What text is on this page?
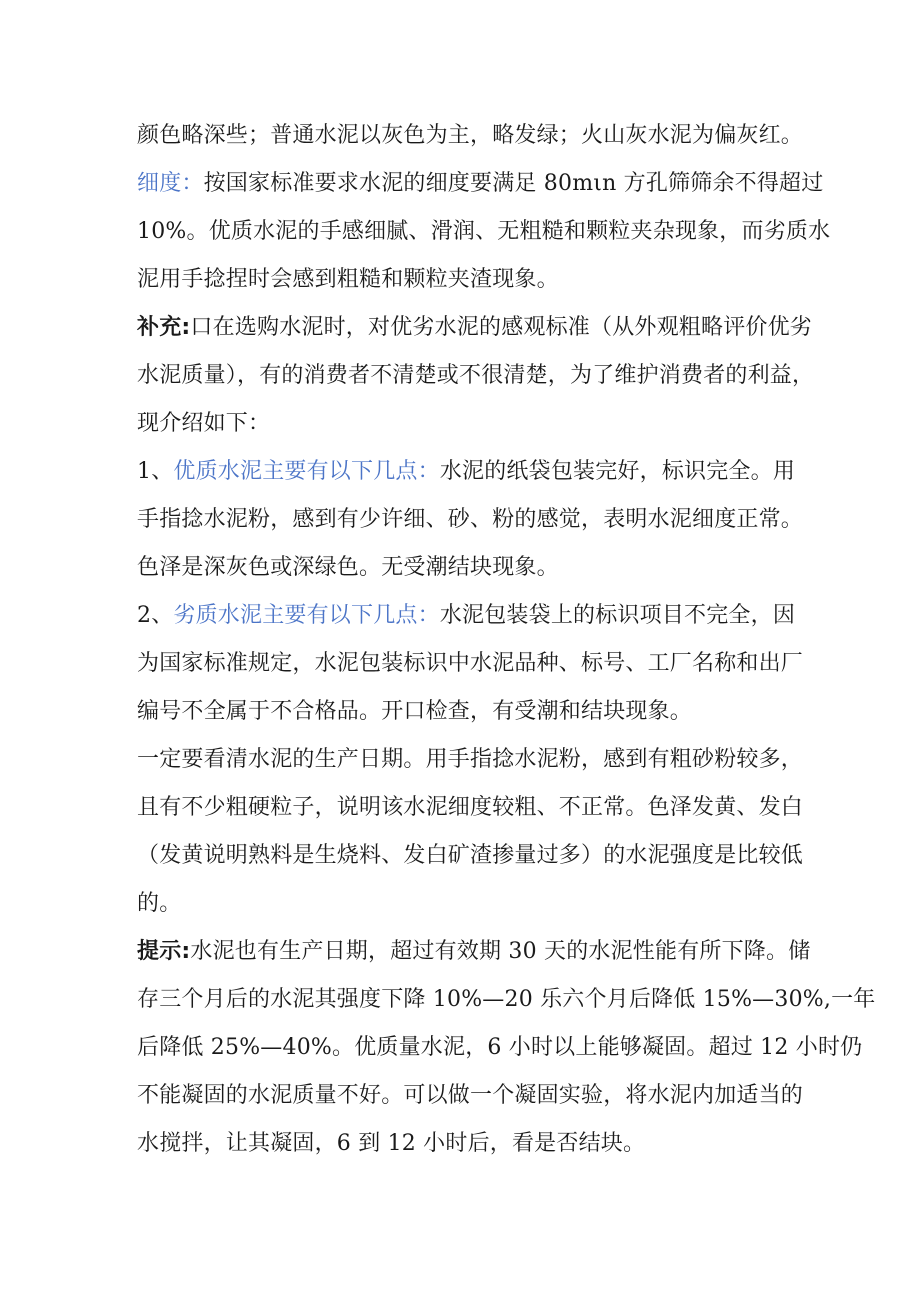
颜色略深些；普通水泥以灰色为主，略发绿；火山灰水泥为偏灰红。
细度：按国家标准要求水泥的细度要满足 80mιn 方孔筛筛余不得超过
10%。优质水泥的手感细腻、滑润、无粗糙和颗粒夹杂现象，而劣质水
泥用手捻捏时会感到粗糙和颗粒夹渣现象。
补充:口在选购水泥时，对优劣水泥的感观标准（从外观粗略评价优劣
水泥质量），有的消费者不清楚或不很清楚，为了维护消费者的利益，
现介绍如下：
1、优质水泥主要有以下几点：水泥的纸袋包装完好，标识完全。用
手指捻水泥粉，感到有少许细、砂、粉的感觉，表明水泥细度正常。
色泽是深灰色或深绿色。无受潮结块现象。
2、劣质水泥主要有以下几点：水泥包装袋上的标识项目不完全，因
为国家标准规定，水泥包装标识中水泥品种、标号、工厂名称和出厂
编号不全属于不合格品。开口检查，有受潮和结块现象。
一定要看清水泥的生产日期。用手指捻水泥粉，感到有粗砂粉较多，
且有不少粗硬粒子，说明该水泥细度较粗、不正常。色泽发黄、发白
（发黄说明熟料是生烧料、发白矿渣掺量过多）的水泥强度是比较低
的。
提示:水泥也有生产日期，超过有效期 30 天的水泥性能有所下降。储
存三个月后的水泥其强度下降 10%—20 乐六个月后降低 15%—30%,一年
后降低 25%—40%。优质量水泥，6 小时以上能够凝固。超过 12 小时仍
不能凝固的水泥质量不好。可以做一个凝固实验，将水泥内加适当的
水搅拌，让其凝固，6 到 12 小时后，看是否结块。
